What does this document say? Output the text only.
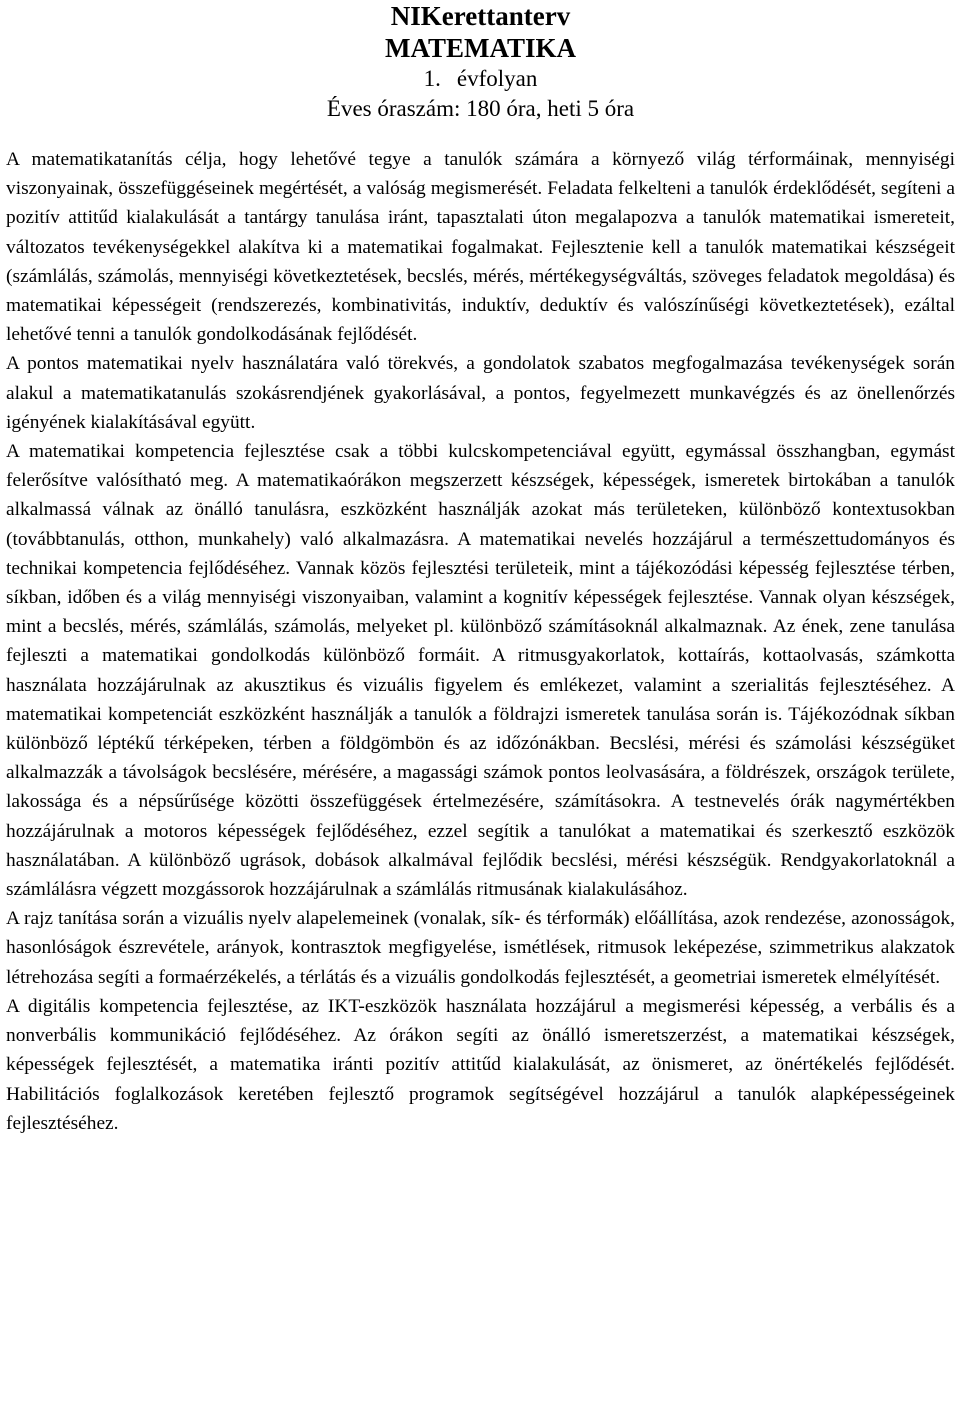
NIKerettanterv
MATEMATIKA
1. évfolyan
Éves óraszám: 180 óra, heti 5 óra

A matematikatanítás célja, hogy lehetővé tegye a tanulók számára a környező világ térformáinak, mennyiségi viszonyainak, összefüggéseinek megértését, a valóság megismerését. Feladata felkelteni a tanulók érdeklődését, segíteni a pozitív attitűd kialakulását a tantárgy tanulása iránt, tapasztalati úton megalapozva a tanulók matematikai ismereteit, változatos tevékenységekkel alakítva ki a matematikai fogalmakat. Fejlesztenie kell a tanulók matematikai készségeit (számlálás, számolás, mennyiségi következtetések, becslés, mérés, mértékegységváltás, szöveges feladatok megoldása) és matematikai képességeit (rendszerezés, kombinativitás, induktív, deduktív és valószínűségi következtetések), ezáltal lehetővé tenni a tanulók gondolkodásának fejlődését.

A pontos matematikai nyelv használatára való törekvés, a gondolatok szabatos megfogalmazása tevékenységek során alakul a matematikatanulás szokásrendjének gyakorlásával, a pontos, fegyelmezett munkavégzés és az önellenőrzés igényének kialakításával együtt.

A matematikai kompetencia fejlesztése csak a többi kulcskompetenciával együtt, egymással összhangban, egymást felerősítve valósítható meg. A matematikaórákon megszerzett készségek, képességek, ismeretek birtokában a tanulók alkalmassá válnak az önálló tanulásra, eszközként használják azokat más területeken, különböző kontextusokban (továbbtanulás, otthon, munkahely) való alkalmazásra. A matematikai nevelés hozzájárul a természettudományos és technikai kompetencia fejlődéséhez. Vannak közös fejlesztési területeik, mint a tájékozódási képesség fejlesztése térben, síkban, időben és a világ mennyiségi viszonyaiban, valamint a kognitív képességek fejlesztése. Vannak olyan készségek, mint a becslés, mérés, számlálás, számolás, melyeket pl. különböző számításoknál alkalmaznak. Az ének, zene tanulása fejleszti a matematikai gondolkodás különböző formáit. A ritmusgyakorlatok, kottaírás, kottaolvasás, számkotta használata hozzájárulnak az akusztikus és vizuális figyelem és emlékezet, valamint a szerialitás fejlesztéséhez. A matematikai kompetenciát eszközként használják a tanulók a földrajzi ismeretek tanulása során is. Tájékozódnak síkban különböző léptékű térképeken, térben a földgömbön és az időzónákban. Becslési, mérési és számolási készségüket alkalmazzák a távolságok becslésére, mérésére, a magassági számok pontos leolvasására, a földrészek, országok területe, lakossága és a népsűrűsége közötti összefüggések értelmezésére, számításokra. A testnevelés órák nagymértékben hozzájárulnak a motoros képességek fejlődéséhez, ezzel segítik a tanulókat a matematikai és szerkesztő eszközök használatában. A különböző ugrások, dobások alkalmával fejlődik becslési, mérési készségük. Rendgyakorlatoknál a számlálásra végzett mozgássorok hozzájárulnak a számlálás ritmusának kialakulásához.

A rajz tanítása során a vizuális nyelv alapelemeinek (vonalak, sík- és térformák) előállítása, azok rendezése, azonosságok, hasonlóságok észrevétele, arányok, kontrasztok megfigyelése, ismétlések, ritmusok leképezése, szimmetrikus alakzatok létrehozása segíti a formaérzékelés, a térlátás és a vizuális gondolkodás fejlesztését, a geometriai ismeretek elmélyítését.

A digitális kompetencia fejlesztése, az IKT-eszközök használata hozzájárul a megismerési képesség, a verbális és a nonverbális kommunikáció fejlődéséhez. Az órákon segíti az önálló ismeretszerzést, a matematikai készségek, képességek fejlesztését, a matematika iránti pozitív attitűd kialakulását, az önismeret, az önértékelés fejlődését. Habilitációs foglalkozások keretében fejlesztő programok segítségével hozzájárul a tanulók alapképességeinek fejlesztéséhez.
